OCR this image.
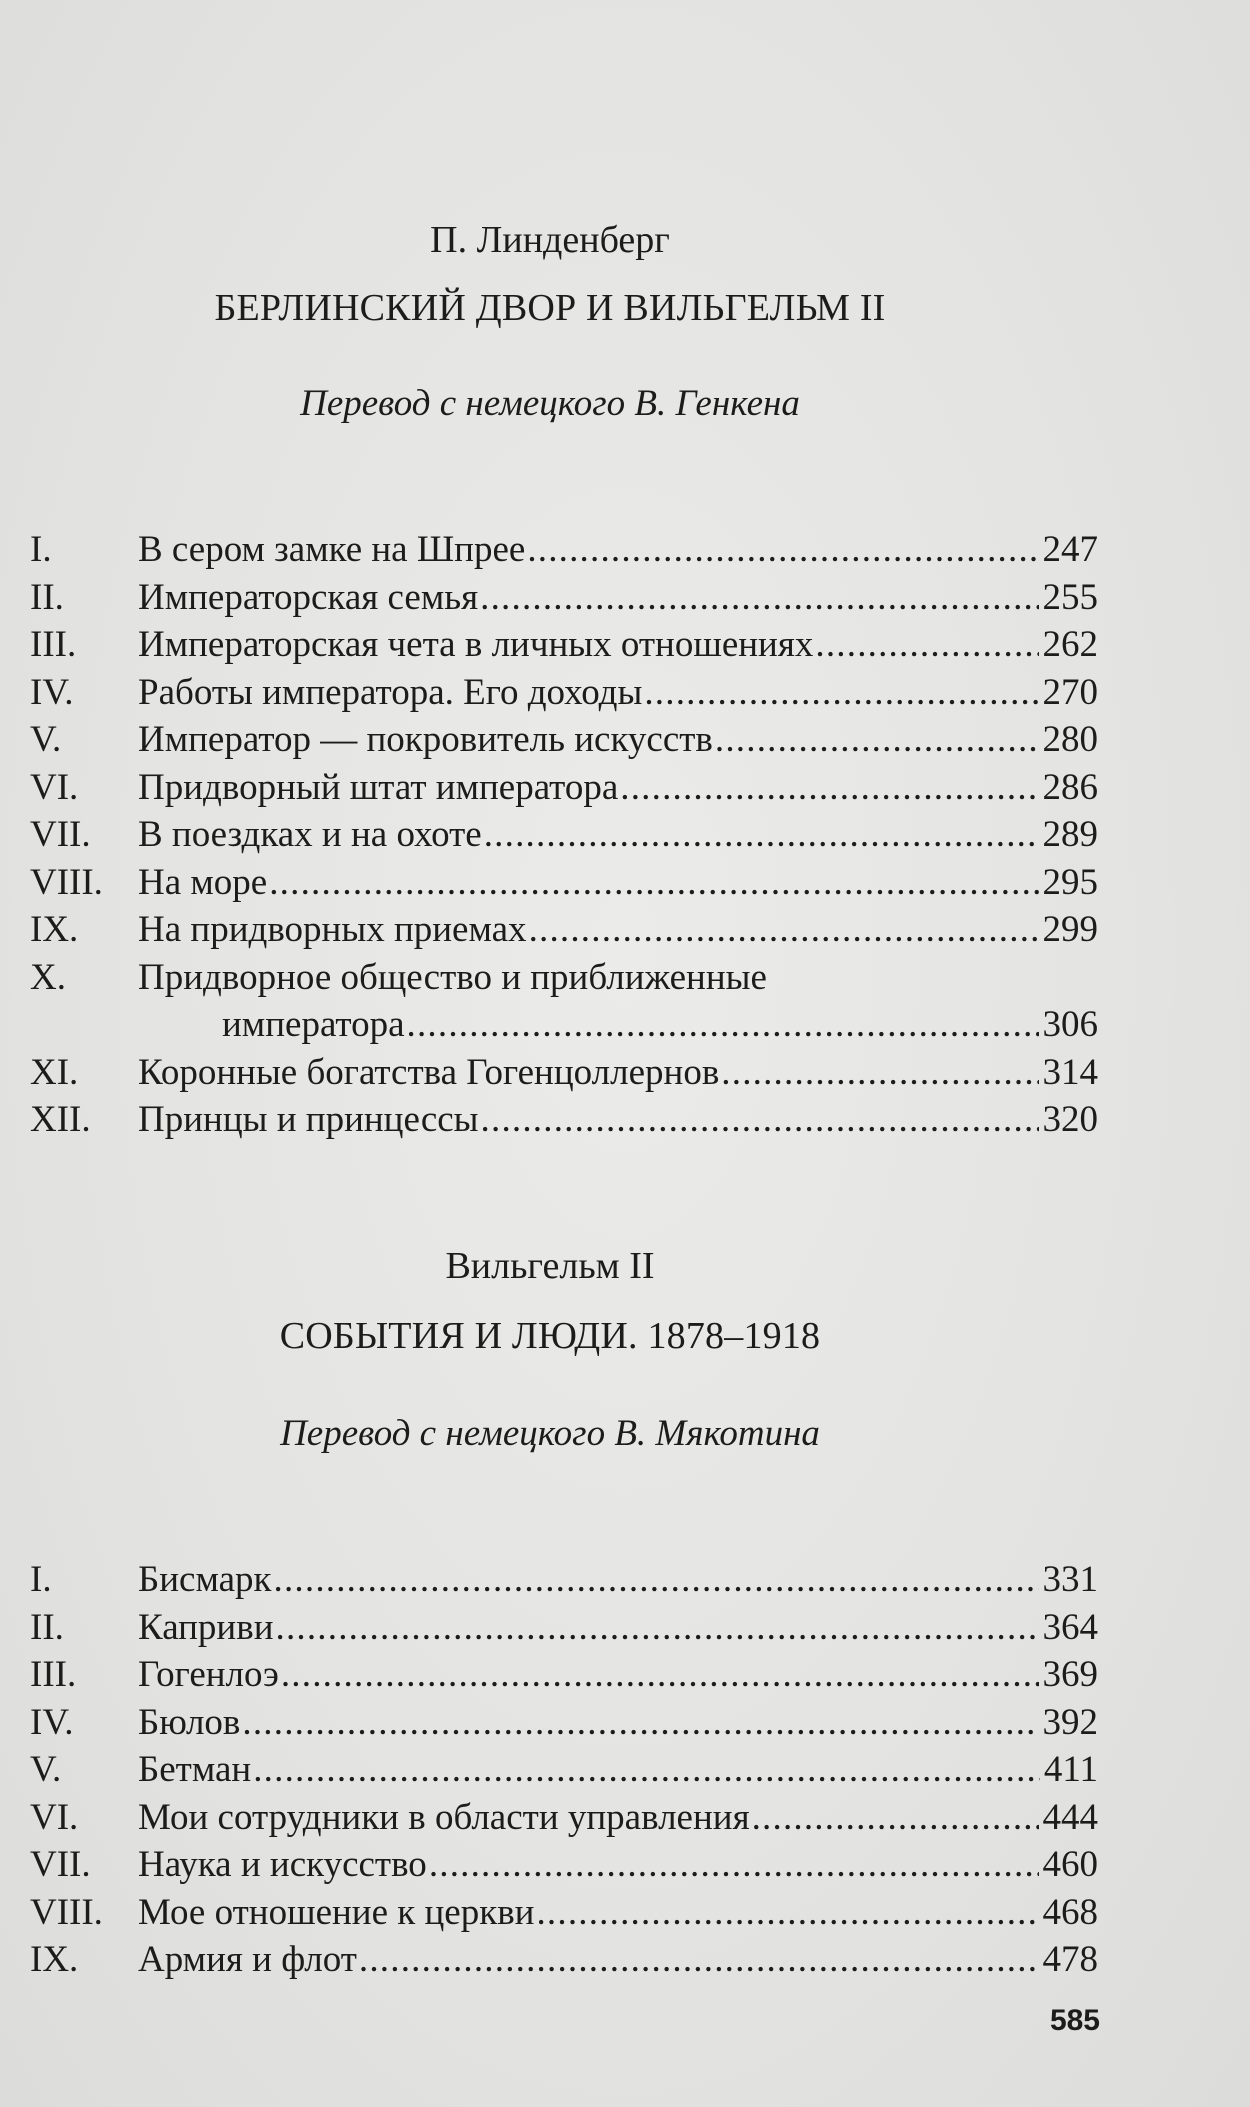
П. Линденберг
БЕРЛИНСКИЙ ДВОР И ВИЛЬГЕЛЬМ II
Перевод с немецкого В. Генкена
I. В сером замке на Шпрее .....	247
II. Императорская семья .....	255
III. Императорская чета в личных отношениях .....	262
IV. Работы императора. Его доходы .....	270
V. Император — покровитель искусств .....	280
VI. Придворный штат императора .....	286
VII. В поездках и на охоте .....	289
VIII. На море .....	295
IX. На придворных приемах .....	299
X. Придворное общество и приближенные
императора .....	306
XI. Коронные богатства Гогенцоллернов .....	314
XII. Принцы и принцессы .....	320
Вильгельм II
СОБЫТИЯ И ЛЮДИ. 1878–1918
Перевод с немецкого В. Мякотина
I. Бисмарк .....	331
II. Каприви .....	364
III. Гогенлоэ .....	369
IV. Бюлов .....	392
V. Бетман .....	411
VI. Мои сотрудники в области управления .....	444
VII. Наука и искусство .....	460
VIII. Мое отношение к церкви .....	468
IX. Армия и флот .....	478
585
